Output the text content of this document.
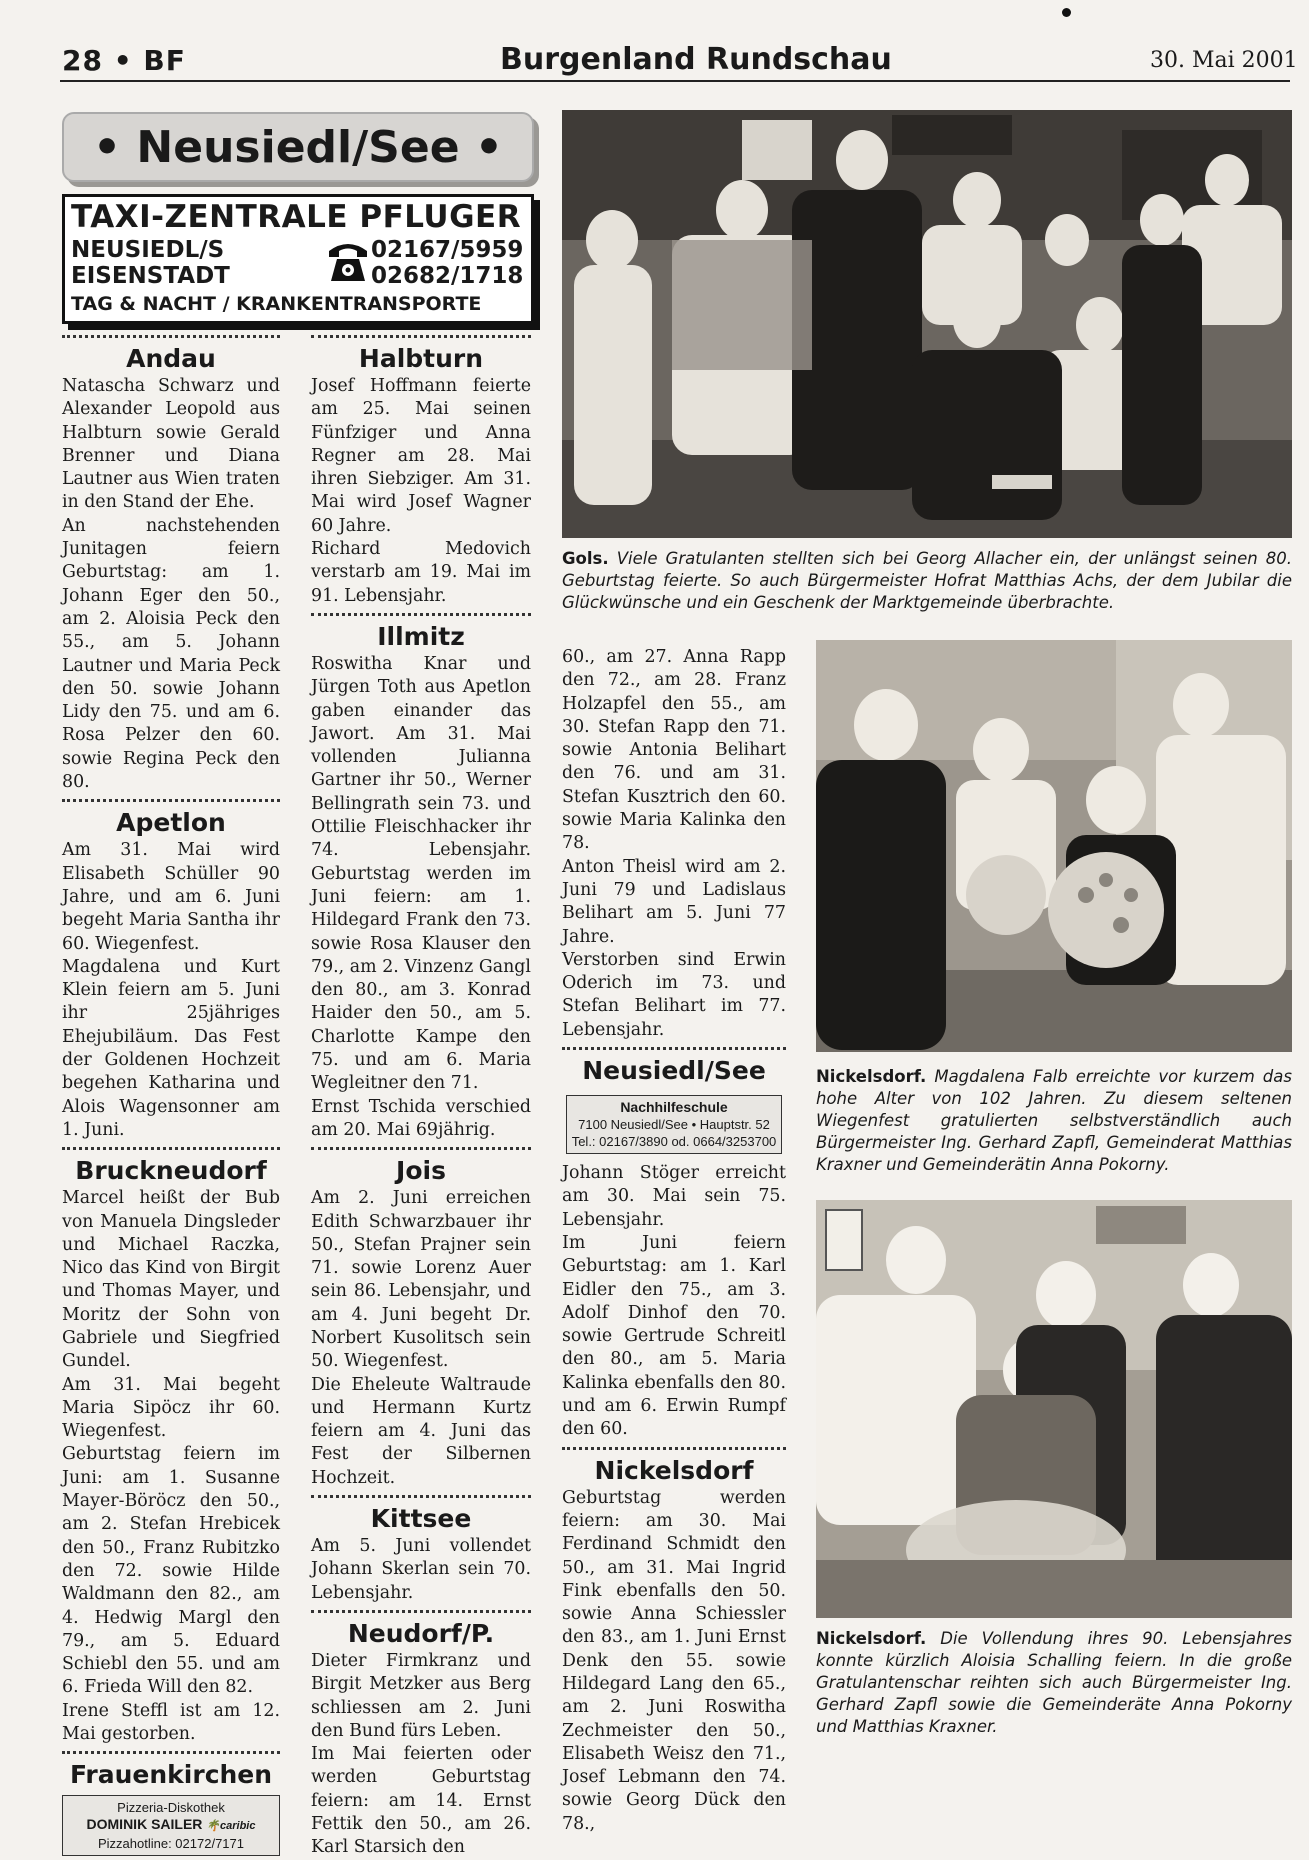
28 • BF	Burgenland Rundschau	30. Mai 2001
• Neusiedl/See •
TAXI-ZENTRALE PFLUGER
NEUSIEDL/S
EISENSTADT
02167/5959
02682/1718
TAG & NACHT / KRANKENTRANSPORTE
Andau

Natascha Schwarz und Alexander Leopold aus Halbturn sowie Gerald Brenner und Diana Lautner aus Wien traten in den Stand der Ehe.

An nachstehenden Junitagen feiern Geburtstag: am 1. Johann Eger den 50., am 2. Aloisia Peck den 55., am 5. Johann Lautner und Maria Peck den 50. sowie Johann Lidy den 75. und am 6. Rosa Pelzer den 60. sowie Regina Peck den 80.

Apetlon

Am 31. Mai wird Elisabeth Schüller 90 Jahre, und am 6. Juni begeht Maria Santha ihr 60. Wiegenfest.

Magdalena und Kurt Klein feiern am 5. Juni ihr 25jähriges Ehejubiläum. Das Fest der Goldenen Hochzeit begehen Katharina und Alois Wagensonner am 1. Juni.

Bruckneudorf

Marcel heißt der Bub von Manuela Dingsleder und Michael Raczka, Nico das Kind von Birgit und Thomas Mayer, und Moritz der Sohn von Gabriele und Siegfried Gundel.

Am 31. Mai begeht Maria Sipöcz ihr 60. Wiegenfest.

Geburtstag feiern im Juni: am 1. Susanne Mayer-Böröcz den 50., am 2. Stefan Hrebicek den 50., Franz Rubitzko den 72. sowie Hilde Waldmann den 82., am 4. Hedwig Margl den 79., am 5. Eduard Schiebl den 55. und am 6. Frieda Will den 82.

Irene Steffl ist am 12. Mai gestorben.

Frauenkirchen
Pizzeria-Diskothek
DOMINIK SAILER 🌴caribic
Pizzahotline: 02172/7171
Halbturn

Josef Hoffmann feierte am 25. Mai seinen Fünfziger und Anna Regner am 28. Mai ihren Siebziger. Am 31. Mai wird Josef Wagner 60 Jahre.

Richard Medovich verstarb am 19. Mai im 91. Lebensjahr.

Illmitz

Roswitha Knar und Jürgen Toth aus Apetlon gaben einander das Jawort. Am 31. Mai vollenden Julianna Gartner ihr 50., Werner Bellingrath sein 73. und Ottilie Fleischhacker ihr 74. Lebensjahr. Geburtstag werden im Juni feiern: am 1. Hildegard Frank den 73. sowie Rosa Klauser den 79., am 2. Vinzenz Gangl den 80., am 3. Konrad Haider den 50., am 5. Charlotte Kampe den 75. und am 6. Maria Wegleitner den 71.

Ernst Tschida verschied am 20. Mai 69jährig.

Jois

Am 2. Juni erreichen Edith Schwarzbauer ihr 50., Stefan Prajner sein 71. sowie Lorenz Auer sein 86. Lebensjahr, und am 4. Juni begeht Dr. Norbert Kusolitsch sein 50. Wiegenfest.

Die Eheleute Waltraude und Hermann Kurtz feiern am 4. Juni das Fest der Silbernen Hochzeit.

Kittsee

Am 5. Juni vollendet Johann Skerlan sein 70. Lebensjahr.

Neudorf/P.

Dieter Firmkranz und Birgit Metzker aus Berg schliessen am 2. Juni den Bund fürs Leben.

Im Mai feierten oder werden Geburtstag feiern: am 14. Ernst Fettik den 50., am 26. Karl Starsich den

60., am 27. Anna Rapp den 72., am 28. Franz Holzapfel den 55., am 30. Stefan Rapp den 71. sowie Antonia Belihart den 76. und am 31. Stefan Kusztrich den 60. sowie Maria Kalinka den 78.

Anton Theisl wird am 2. Juni 79 und Ladislaus Belihart am 5. Juni 77 Jahre.

Verstorben sind Erwin Oderich im 73. und Stefan Belihart im 77. Lebensjahr.

Neusiedl/See
Nachhilfeschule
7100 Neusiedl/See • Hauptstr. 52
Tel.: 02167/3890 od. 0664/3253700

Johann Stöger erreicht am 30. Mai sein 75. Lebensjahr.

Im Juni feiern Geburtstag: am 1. Karl Eidler den 75., am 3. Adolf Dinhof den 70. sowie Gertrude Schreitl den 80., am 5. Maria Kalinka ebenfalls den 80. und am 6. Erwin Rumpf den 60.

Nickelsdorf

Geburtstag werden feiern: am 30. Mai Ferdinand Schmidt den 50., am 31. Mai Ingrid Fink ebenfalls den 50. sowie Anna Schiessler den 83., am 1. Juni Ernst Denk den 55. sowie Hildegard Lang den 65., am 2. Juni Roswitha Zechmeister den 50., Elisabeth Weisz den 71., Josef Lebmann den 74. sowie Georg Dück den 78.,

Gols. Viele Gratulanten stellten sich bei Georg Allacher ein, der unlängst seinen 80. Geburtstag feierte. So auch Bürgermeister Hofrat Matthias Achs, der dem Jubilar die Glückwünsche und ein Geschenk der Marktgemeinde überbrachte.
Nickelsdorf. Magdalena Falb erreichte vor kurzem das hohe Alter von 102 Jahren. Zu diesem seltenen Wiegenfest gratulierten selbstverständlich auch Bürgermeister Ing. Gerhard Zapfl, Gemeinderat Matthias Kraxner und Gemeinderätin Anna Pokorny.
Nickelsdorf. Die Vollendung ihres 90. Lebensjahres konnte kürzlich Aloisia Schalling feiern. In die große Gratulantenschar reihten sich auch Bürgermeister Ing. Gerhard Zapfl sowie die Gemeinderäte Anna Pokorny und Matthias Kraxner.
